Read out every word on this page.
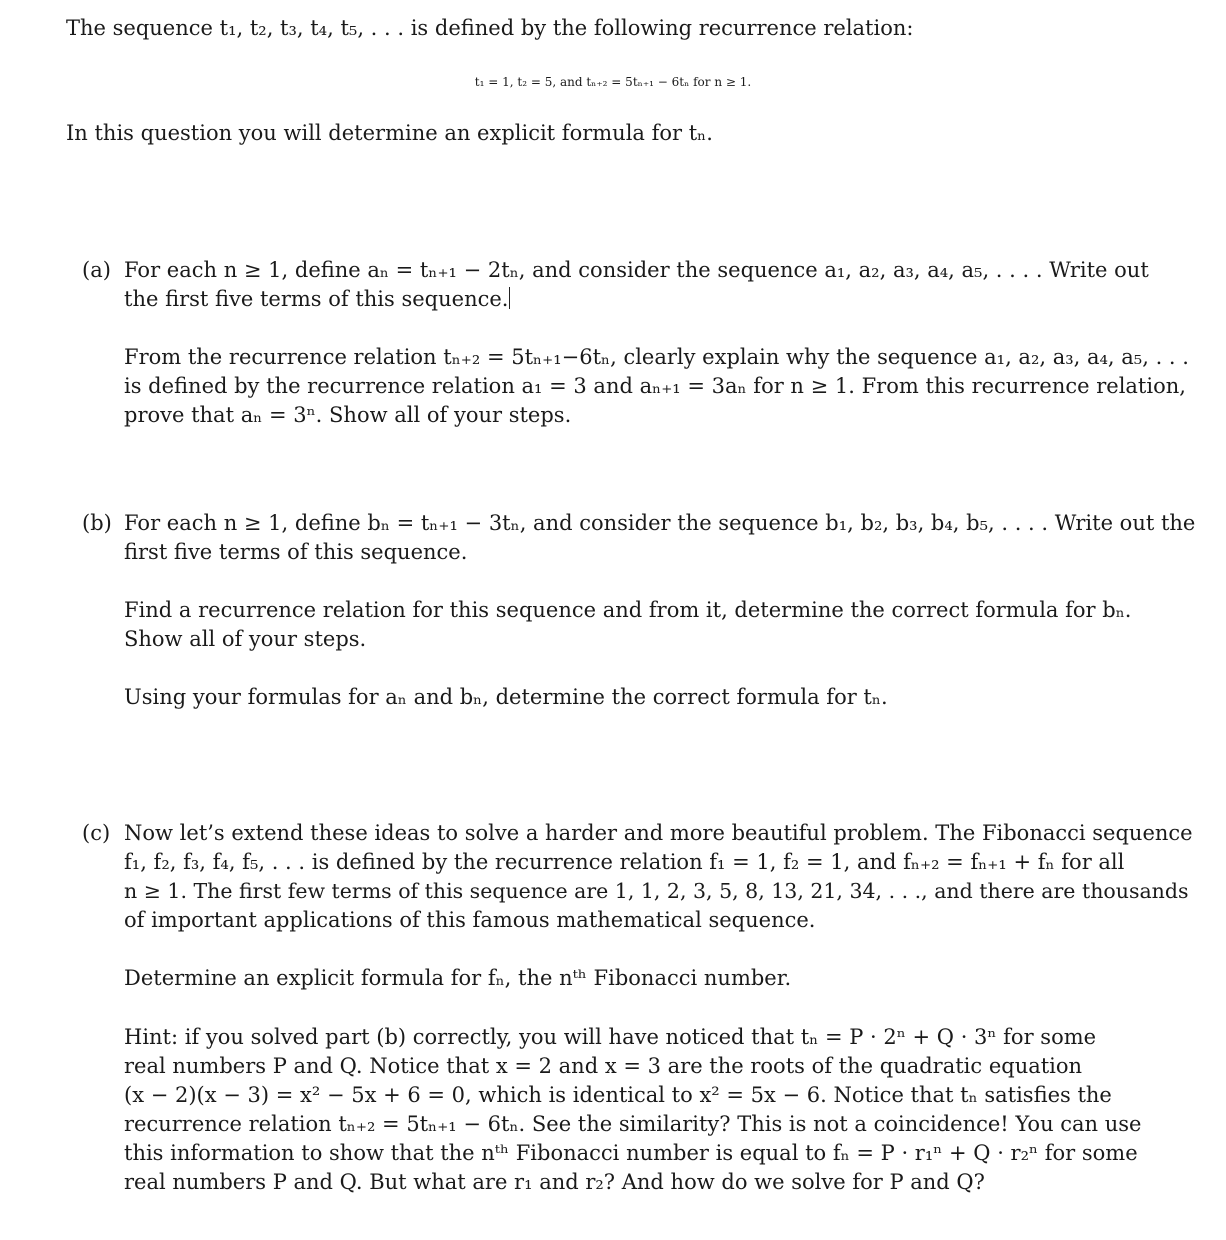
The sequence t₁, t₂, t₃, t₄, t₅, . . . is defined by the following recurrence relation:
t₁ = 1, t₂ = 5, and tₙ₊₂ = 5tₙ₊₁ − 6tₙ for n ≥ 1.
In this question you will determine an explicit formula for tₙ.
(a) For each n ≥ 1, define aₙ = tₙ₊₁ − 2tₙ, and consider the sequence a₁, a₂, a₃, a₄, a₅, . . . . Write out
the first five terms of this sequence.
From the recurrence relation tₙ₊₂ = 5tₙ₊₁−6tₙ, clearly explain why the sequence a₁, a₂, a₃, a₄, a₅, . . .
is defined by the recurrence relation a₁ = 3 and aₙ₊₁ = 3aₙ for n ≥ 1. From this recurrence relation,
prove that aₙ = 3ⁿ. Show all of your steps.
(b) For each n ≥ 1, define bₙ = tₙ₊₁ − 3tₙ, and consider the sequence b₁, b₂, b₃, b₄, b₅, . . . . Write out the
first five terms of this sequence.
Find a recurrence relation for this sequence and from it, determine the correct formula for bₙ.
Show all of your steps.
Using your formulas for aₙ and bₙ, determine the correct formula for tₙ.
(c) Now let’s extend these ideas to solve a harder and more beautiful problem. The Fibonacci sequence
f₁, f₂, f₃, f₄, f₅, . . . is defined by the recurrence relation f₁ = 1, f₂ = 1, and fₙ₊₂ = fₙ₊₁ + fₙ for all
n ≥ 1. The first few terms of this sequence are 1, 1, 2, 3, 5, 8, 13, 21, 34, . . ., and there are thousands
of important applications of this famous mathematical sequence.
Determine an explicit formula for fₙ, the nᵗʰ Fibonacci number.
Hint: if you solved part (b) correctly, you will have noticed that tₙ = P · 2ⁿ + Q · 3ⁿ for some
real numbers P and Q. Notice that x = 2 and x = 3 are the roots of the quadratic equation
(x − 2)(x − 3) = x² − 5x + 6 = 0, which is identical to x² = 5x − 6. Notice that tₙ satisfies the
recurrence relation tₙ₊₂ = 5tₙ₊₁ − 6tₙ. See the similarity? This is not a coincidence! You can use
this information to show that the nᵗʰ Fibonacci number is equal to fₙ = P · r₁ⁿ + Q · r₂ⁿ for some
real numbers P and Q. But what are r₁ and r₂? And how do we solve for P and Q?
